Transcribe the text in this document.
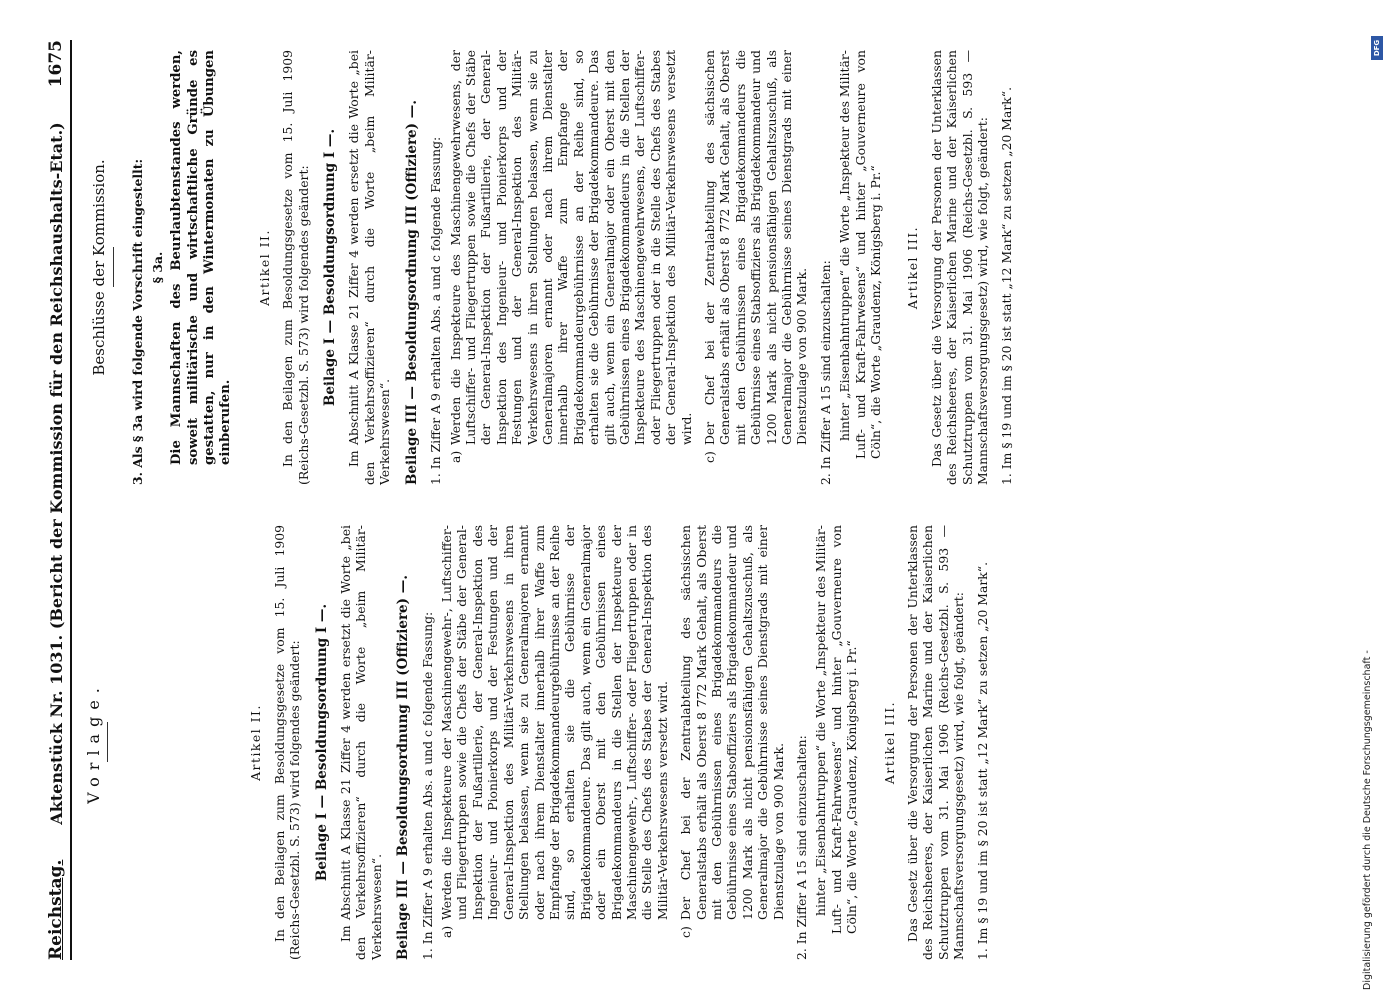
Reichstag.
Aktenstück Nr. 1031. (Bericht der Kommission für den Reichshaushalts-Etat.)
1675
Vorlage.	Artikel II. In den Beilagen zum Besoldungsgesetze vom 15. Juli 1909 (Reichs-Gesetzbl. S. 573) wird folgendes geändert: Beilage I — Besoldungsordnung I —. Im Abschnitt A Klasse 21 Ziffer 4 werden ersetzt die Worte „bei den Verkehrsoffizieren“ durch die Worte „beim Militär-Verkehrswesen“. Beilage III — Besoldungsordnung III (Offiziere) —. 1. In Ziffer A 9 erhalten Abs. a und c folgende Fassung: a)
Werden die Inspekteure der Maschinengewehr-, Luftschiffer- und Fliegertruppen sowie die Chefs der Stäbe der General-Inspektion der Fußartillerie, der General-Inspektion des Ingenieur- und Pionierkorps und der Festungen und der General-Inspektion des Militär-Verkehrswesens in ihren Stellungen belassen, wenn sie zu Generalmajoren ernannt oder nach ihrem Dienstalter innerhalb ihrer Waffe zum Empfange der Brigadekommandeurgebührnisse an der Reihe sind, so erhalten sie die Gebührnisse der Brigadekommandeure. Das gilt auch, wenn ein Generalmajor oder ein Oberst mit den Gebührnissen eines Brigadekommandeurs in die Stellen der Inspekteure der Maschinengewehr-, Luftschiffer- oder Fliegertruppen oder in die Stelle des Chefs des Stabes der General-Inspektion des Militär-Verkehrswesens versetzt wird.
c)
Der Chef bei der Zentralabteilung des sächsischen Generalstabs erhält als Oberst 8 772 Mark Gehalt, als Oberst mit den Gebührnissen eines Brigadekommandeurs die Gebührnisse eines Stabsoffiziers als Brigadekommandeur und 1200 Mark als nicht pensionsfähigen Gehaltszuschuß, als Generalmajor die Gebührnisse seines Dienstgrads mit einer Dienstzulage von 900 Mark. 2. In Ziffer A 15 sind einzuschalten: hinter „Eisenbahntruppen“ die Worte „Inspekteur des Militär-Luft- und Kraft-Fahrwesens“ und hinter „Gouverneure von Cöln“, die Worte „Graudenz, Königsberg i. Pr.“ Artikel III. Das Gesetz über die Versorgung der Personen der Unterklassen des Reichsheeres, der Kaiserlichen Marine und der Kaiserlichen Schutztruppen vom 31. Mai 1906 (Reichs-Gesetzbl. S. 593 — Mannschaftsversorgungsgesetz) wird, wie folgt, geändert: 1. Im § 19 und im § 20 ist statt „12 Mark“ zu setzen „20 Mark“.

Beschlüsse der Kommission. 3. Als § 3a wird folgende Vorschrift eingestellt: § 3a. Die Mannschaften des Beurlaubtenstandes werden, soweit militärische und wirtschaftliche Gründe es gestatten, nur in den Wintermonaten zu Übungen einberufen.
Artikel II. In den Beilagen zum Besoldungsgesetze vom 15. Juli 1909 (Reichs-Gesetzbl. S. 573) wird folgendes geändert: Beilage I — Besoldungsordnung I —. Im Abschnitt A Klasse 21 Ziffer 4 werden ersetzt die Worte „bei den Verkehrsoffizieren“ durch die Worte „beim Militär-Verkehrswesen“. Beilage III — Besoldungsordnung III (Offiziere) —. 1. In Ziffer A 9 erhalten Abs. a und c folgende Fassung: a)
Werden die Inspekteure des Maschinengewehrwesens, der Luftschiffer- und Fliegertruppen sowie die Chefs der Stäbe der General-Inspektion der Fußartillerie, der General-Inspektion des Ingenieur- und Pionierkorps und der Festungen und der General-Inspektion des Militär-Verkehrswesens in ihren Stellungen belassen, wenn sie zu Generalmajoren ernannt oder nach ihrem Dienstalter innerhalb ihrer Waffe zum Empfange der Brigadekommandeurgebührnisse an der Reihe sind, so erhalten sie die Gebührnisse der Brigadekommandeure. Das gilt auch, wenn ein Generalmajor oder ein Oberst mit den Gebührnissen eines Brigadekommandeurs in die Stellen der Inspekteure des Maschinengewehrwesens, der Luftschiffer- oder Fliegertruppen oder in die Stelle des Chefs des Stabes der General-Inspektion des Militär-Verkehrswesens versetzt wird.
c)
Der Chef bei der Zentralabteilung des sächsischen Generalstabs erhält als Oberst 8 772 Mark Gehalt, als Oberst mit den Gebührnissen eines Brigadekommandeurs die Gebührnisse eines Stabsoffiziers als Brigadekommandeur und 1200 Mark als nicht pensionsfähigen Gehaltszuschuß, als Generalmajor die Gebührnisse seines Dienstgrads mit einer Dienstzulage von 900 Mark. 2. In Ziffer A 15 sind einzuschalten: hinter „Eisenbahntruppen“ die Worte „Inspekteur des Militär-Luft- und Kraft-Fahrwesens“ und hinter „Gouverneure von Cöln“, die Worte „Graudenz, Königsberg i. Pr.“ Artikel III. Das Gesetz über die Versorgung der Personen der Unterklassen des Reichsheeres, der Kaiserlichen Marine und der Kaiserlichen Schutztruppen vom 31. Mai 1906 (Reichs-Gesetzbl. S. 593 — Mannschaftsversorgungsgesetz) wird, wie folgt, geändert: 1. Im § 19 und im § 20 ist statt „12 Mark“ zu setzen „20 Mark“.

Digitalisierung gefördert durch die Deutsche Forschungsgemeinschaft -
DFG
